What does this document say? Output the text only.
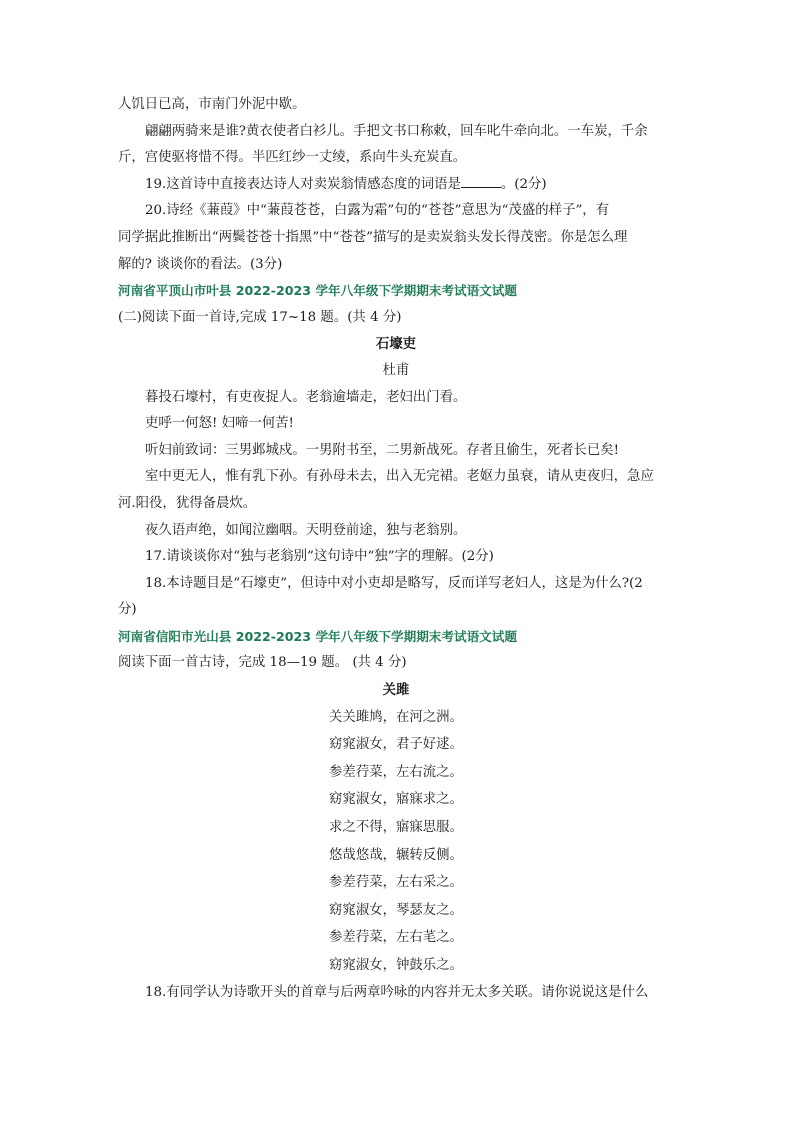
人饥日已高，市南门外泥中歇。

翩翩两骑来是谁?黄衣使者白衫儿。手把文书口称敕，回车叱牛牵向北。一车炭，千余

斤，宫使驱将惜不得。半匹红纱一丈绫，系向牛头充炭直。

19.这首诗中直接表达诗人对卖炭翁情感态度的词语是	。(2分)

20.诗经《蒹葭》中“蒹葭苍苍，白露为霜”句的“苍苍”意思为“茂盛的样子”，有

同学据此推断出“两鬓苍苍十指黑”中“苍苍”描写的是卖炭翁头发长得茂密。你是怎么理

解的? 谈谈你的看法。(3分)

河南省平顶山市叶县 2022-2023 学年八年级下学期期末考试语文试题

(二)阅读下面一首诗,完成 17~18 题。(共 4 分)

石壕吏

杜甫

暮投石壕村，有吏夜捉人。老翁逾墙走，老妇出门看。

吏呼一何怒! 妇啼一何苦!

听妇前致词：三男邺城戍。一男附书至，二男新战死。存者且偷生，死者长已矣!

室中更无人，惟有乳下孙。有孙母未去，出入无完裙。老妪力虽衰，请从吏夜归，急应

河.阳役，犹得备晨炊。

夜久语声绝，如闻泣幽咽。天明登前途，独与老翁别。

17.请谈谈你对“独与老翁别”这句诗中“独”字的理解。(2分)

18.本诗题目是“石壕吏”，但诗中对小吏却是略写，反而详写老妇人，这是为什么?(2

分)

河南省信阳市光山县 2022-2023 学年八年级下学期期末考试语文试题

阅读下面一首古诗，完成 18—19 题。 (共 4 分)

关雎

关关雎鸠，在河之洲。

窈窕淑女，君子好逑。

参差荇菜，左右流之。

窈窕淑女，寤寐求之。

求之不得，寤寐思服。

悠哉悠哉，辗转反侧。

参差荇菜，左右采之。

窈窕淑女，琴瑟友之。

参差荇菜，左右芼之。

窈窕淑女，钟鼓乐之。

18.有同学认为诗歌开头的首章与后两章吟咏的内容并无太多关联。请你说说这是什么
